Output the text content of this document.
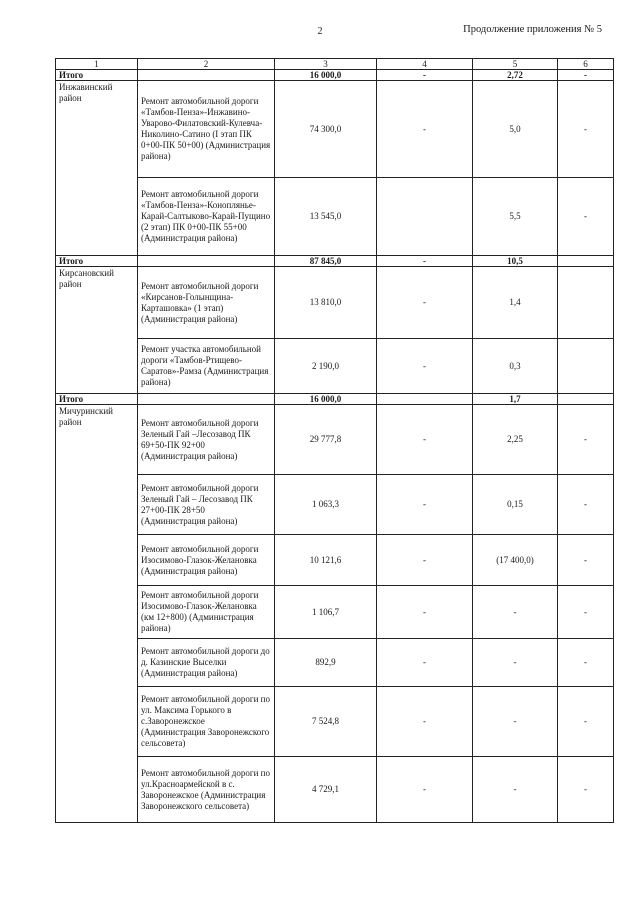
2	Продолжение приложения № 5
1	2	3	4	5	6
Итого		16 000,0	-	2,72	-
Инжавинский район	Ремонт автомобильной дороги «Тамбов-Пенза»-Инжавино-Уварово-Филатовский-Кулевча-Николино-Сатино (I этап ПК 0+00-ПК 50+00) (Администрация района)	74 300,0	-	5,0	-
	Ремонт автомобильной дороги «Тамбов-Пенза»-Конопляньe-Карай-Салтыково-Карай-Пущино (2 этап) ПК 0+00-ПК 55+00 (Администрация района)	13 545,0		5,5	-
Итого		87 845,0	-	10,5	
Кирсановский район	Ремонт автомобильной дороги «Кирсанов-Голынщина-Карташовка» (1 этап) (Администрация района)	13 810,0	-	1,4	
	Ремонт участка автомобильной дороги «Тамбов-Ртищево-Саратов»-Рамза (Администрация района)	2 190,0	-	0,3	
Итого		16 000,0		1,7	
Мичуринский район	Ремонт автомобильной дороги Зеленый Гай –Лесозавод ПК 69+50-ПК 92+00 (Администрация района)	29 777,8	-	2,25	-
	Ремонт автомобильной дороги Зеленый Гай – Лесозавод ПК 27+00-ПК 28+50 (Администрация района)	1 063,3	-	0,15	-
	Ремонт автомобильной дороги Изосимово-Глазок-Желановка (Администрация района)	10 121,6	-	(17 400,0)	-
	Ремонт автомобильной дороги Изосимово-Глазок-Желановка (км 12+800) (Администрация района)	1 106,7	-	-	-
	Ремонт автомобильной дороги до д. Казинские Выселки (Администрация района)	892,9	-	-	-
	Ремонт автомобильной дороги по ул. Максима Горького в с.Заворонежское (Администрация Заворонежского сельсовета)	7 524,8	-	-	-
	Ремонт автомобильной дороги по ул.Красноармейской в с. Заворонежское (Администрация Заворонежского сельсовета)	4 729,1	-	-	-
